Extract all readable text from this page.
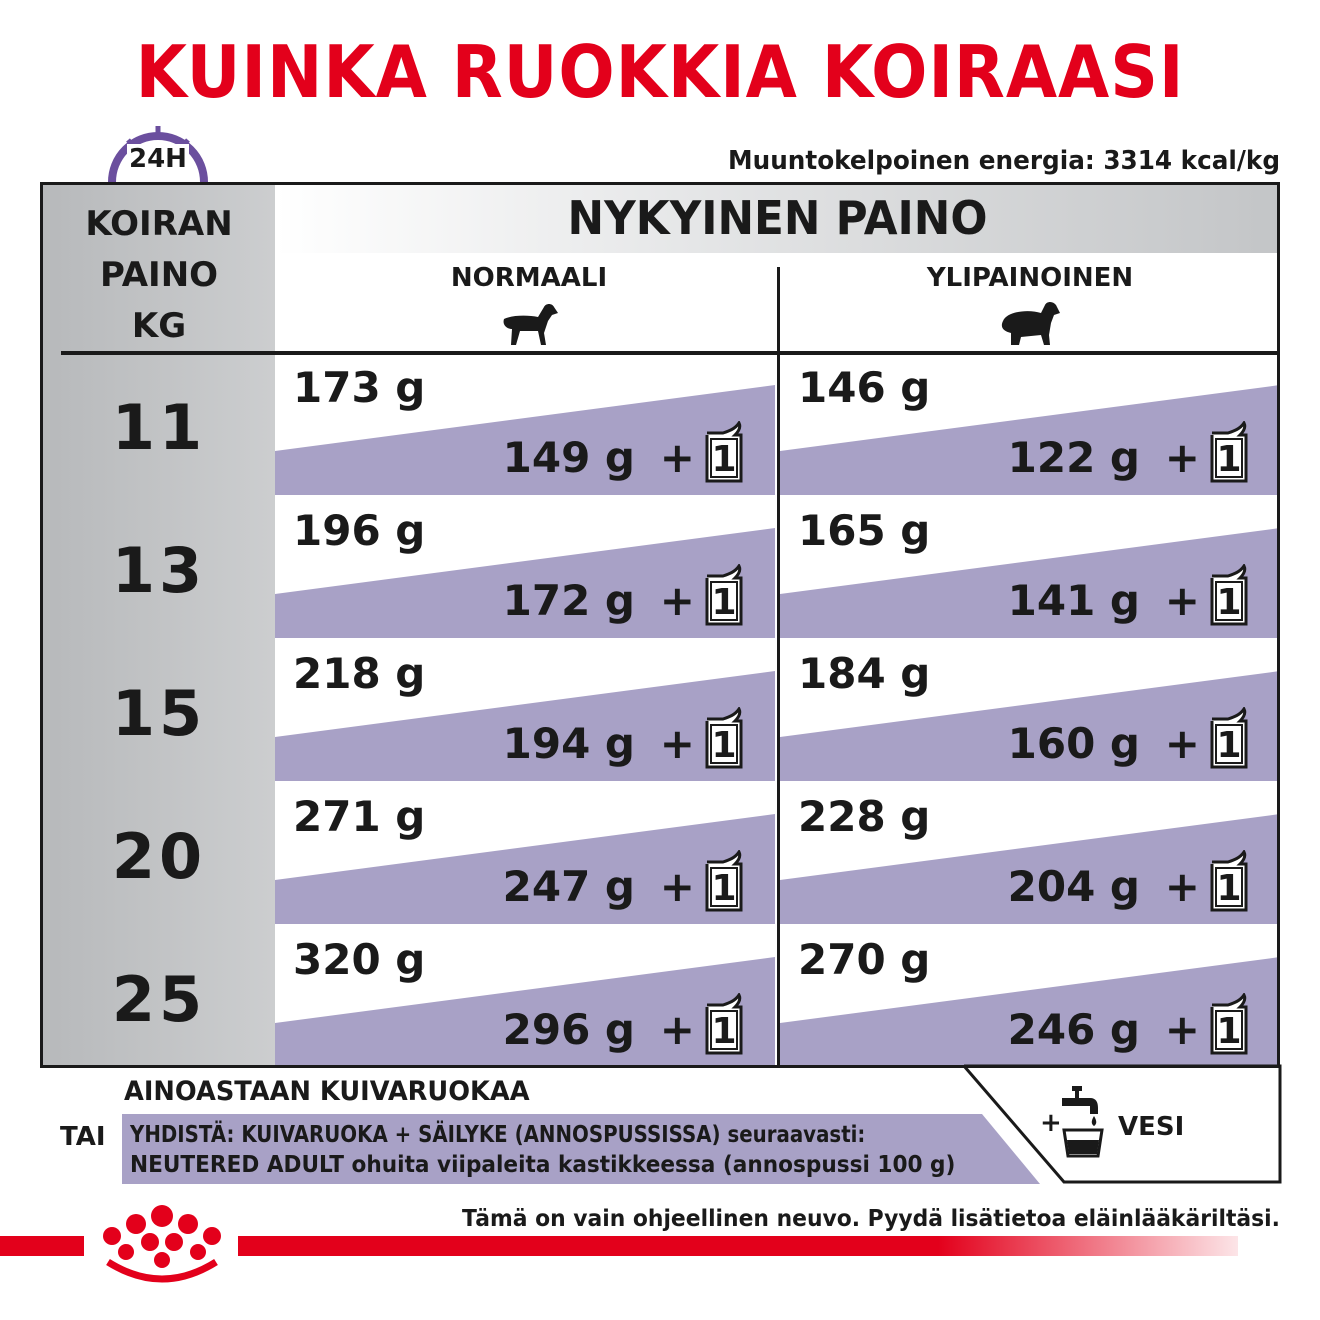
KUINKA RUOKKIA KOIRAASI
24H	Muuntokelpoinen energia: 3314 kcal/kg
NYKYINEN PAINO
KOIRAN
PAINO
KG
NORMAALI	YLIPAINOINEN
11
173 g
149 g + 1
146 g
122 g + 1
13
196 g
172 g + 1
165 g
141 g + 1
15
218 g
194 g + 1
184 g
160 g + 1
20
271 g
247 g + 1
228 g
204 g + 1
25
320 g
296 g + 1
270 g
246 g + 1
AINOASTAAN KUIVARUOKAA
TAI YHDISTÄ: KUIVARUOKA + SÄILYKE (ANNOSPUSSISSA) seuraavasti:
NEUTERED ADULT ohuita viipaleita kastikkeessa (annospussi 100 g)
+ VESI
Tämä on vain ohjeellinen neuvo. Pyydä lisätietoa eläinlääkäriltäsi.
